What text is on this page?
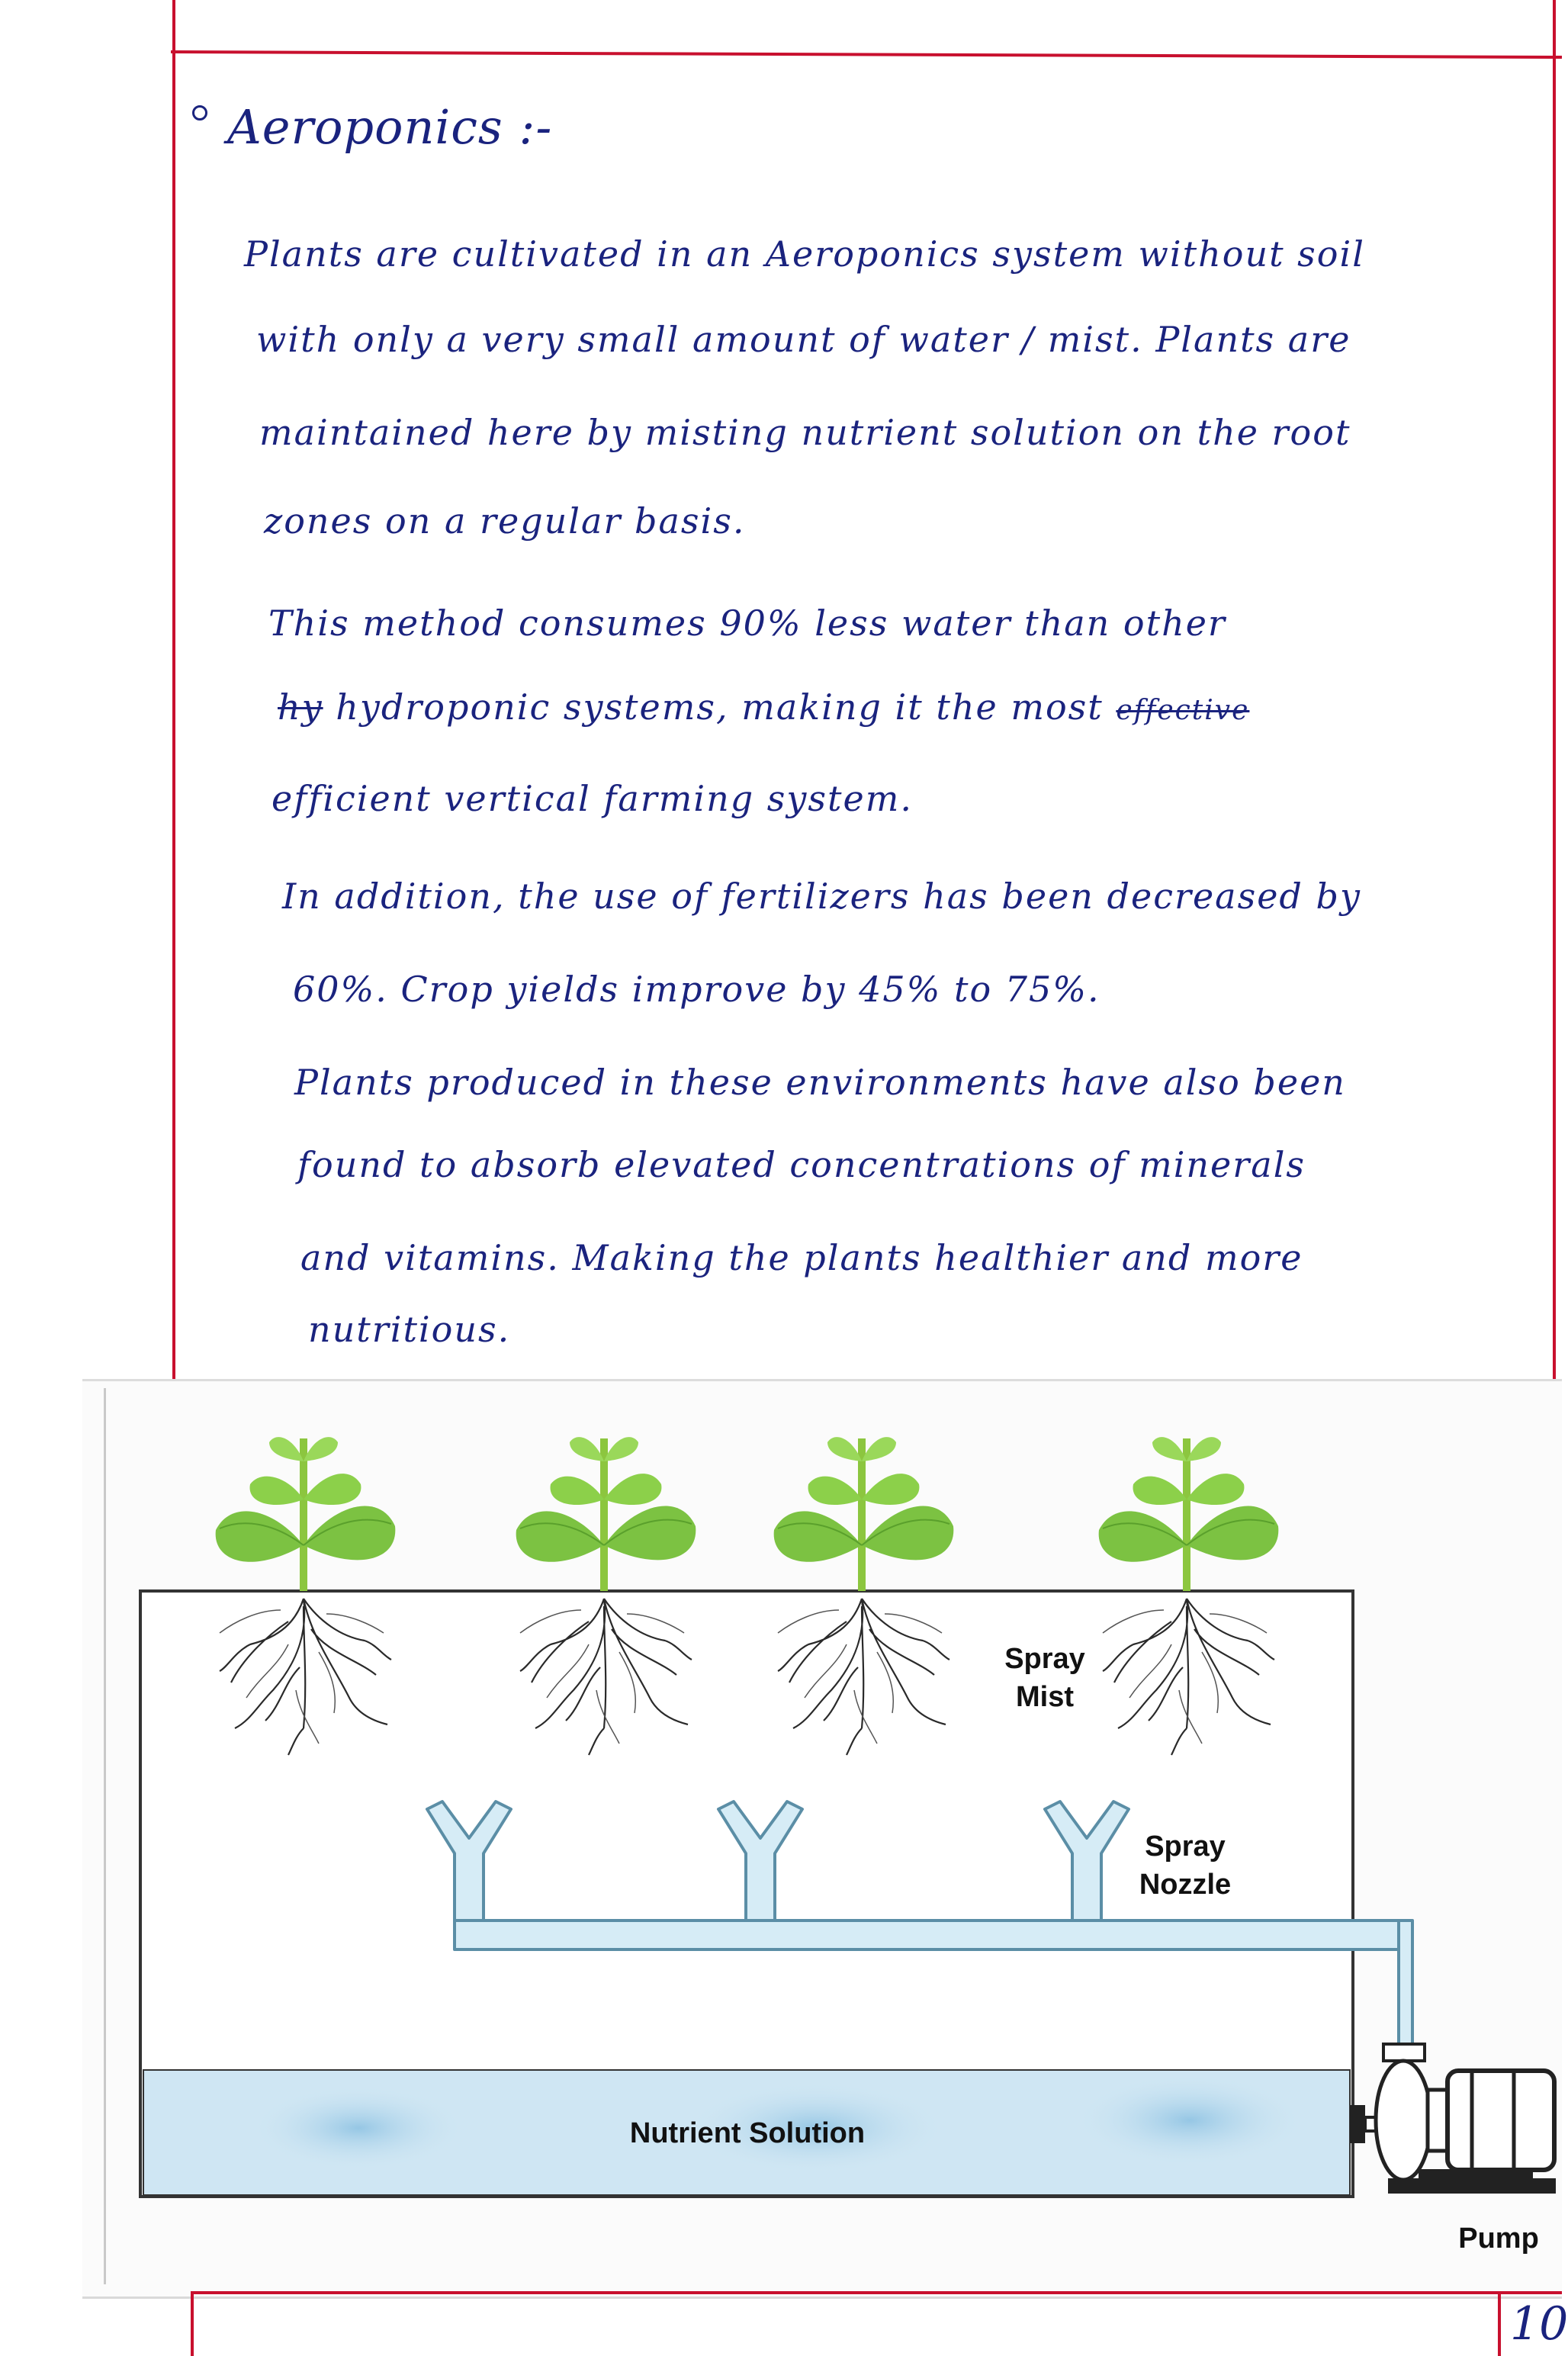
Aeroponics :-
Plants are cultivated in an Aeroponics system without soil
with only a very small amount of water / mist. Plants are
maintained here by misting nutrient solution on the root
zones on a regular basis.
This method consumes 90% less water than other
hy hydroponic systems, making it the most effective
efficient vertical farming system.
In addition, the use of fertilizers has been decreased by
60%. Crop yields improve by 45% to 75%.
Plants produced in these environments have also been
found to absorb elevated concentrations of minerals
and vitamins. Making the plants healthier and more
nutritious.
Spray
Mist
Spray
Nozzle
Nutrient Solution
Pump
10
